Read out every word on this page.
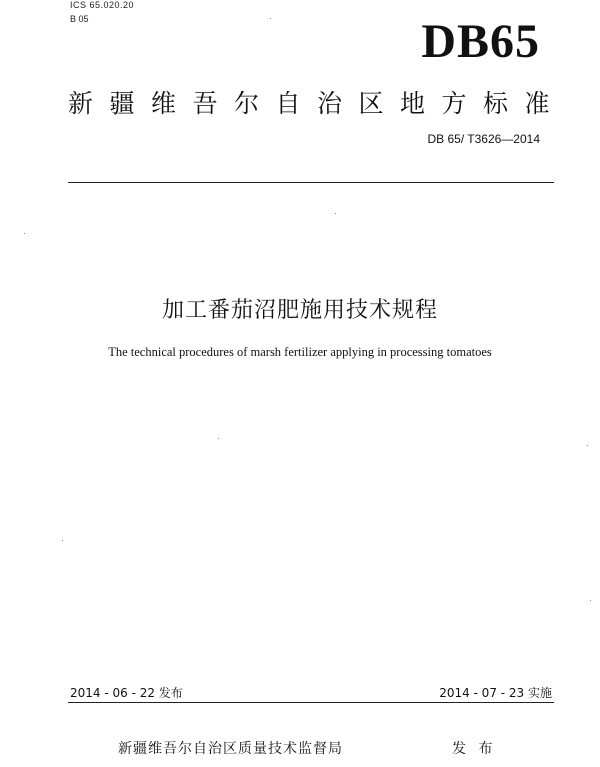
ICS 65.020.20
B 05	DB65
新疆维吾尔自治区地方标准
DB 65/ T3626—2014
加工番茄沼肥施用技术规程
The technical procedures of marsh fertilizer applying in processing tomatoes
2014 - 06 - 22 发布	2014 - 07 - 23 实施
新疆维吾尔自治区质量技术监督局	发 布
